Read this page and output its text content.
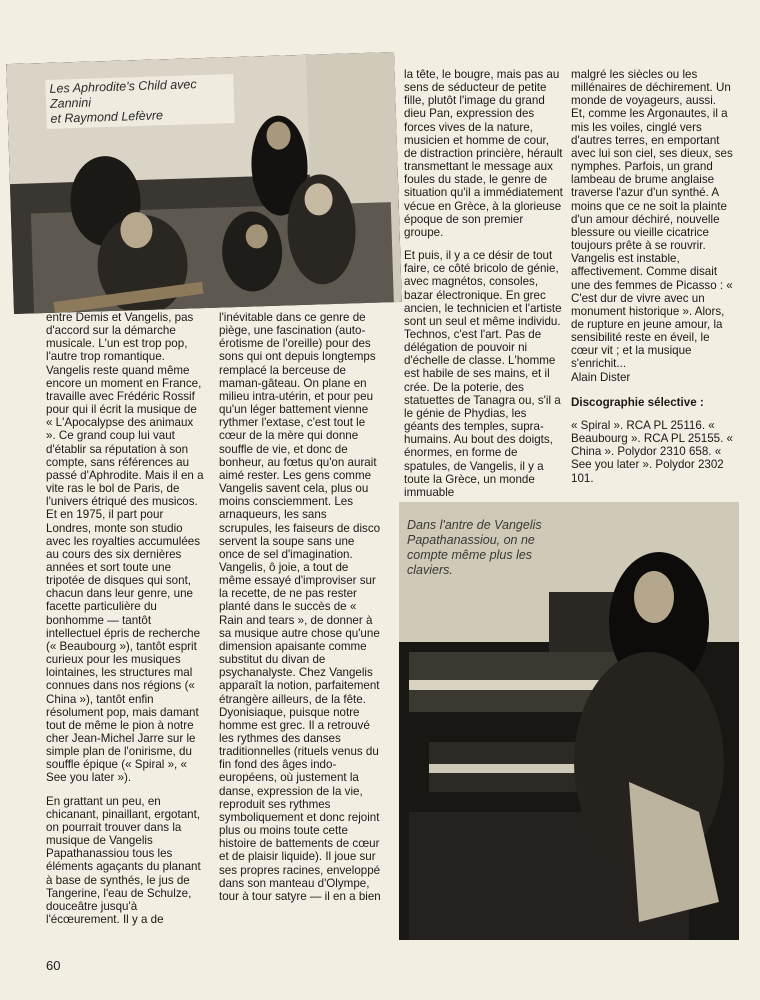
Les Aphrodite's Child avec
Zannini
et Raymond Lefèvre

entre Demis et Vangelis, pas d'accord sur la démarche musicale. L'un est trop pop, l'autre trop romantique. Vangelis reste quand même encore un moment en France, travaille avec Frédéric Rossif pour qui il écrit la musique de « L'Apocalypse des animaux ». Ce grand coup lui vaut d'établir sa réputation à son compte, sans références au passé d'Aphrodite. Mais il en a vite ras le bol de Paris, de l'univers étriqué des musicos. Et en 1975, il part pour Londres, monte son studio avec les royalties accumulées au cours des six dernières années et sort toute une tripotée de disques qui sont, chacun dans leur genre, une facette particulière du bonhomme — tantôt intellectuel épris de recherche (« Beaubourg »), tantôt esprit curieux pour les musiques lointaines, les structures mal connues dans nos régions (« China »), tantôt enfin résolument pop, mais damant tout de même le pion à notre cher Jean-Michel Jarre sur le simple plan de l'onirisme, du souffle épique (« Spiral », « See you later »).

En grattant un peu, en chicanant, pinaillant, ergotant, on pourrait trouver dans la musique de Vangelis Papathanassiou tous les éléments agaçants du planant à base de synthés, le jus de Tangerine, l'eau de Schulze, douceâtre jusqu'à l'écœurement. Il y a de

l'inévitable dans ce genre de piège, une fascination (auto-érotisme de l'oreille) pour des sons qui ont depuis longtemps remplacé la berceuse de maman-gâteau. On plane en milieu intra-utérin, et pour peu qu'un léger battement vienne rythmer l'extase, c'est tout le cœur de la mère qui donne souffle de vie, et donc de bonheur, au fœtus qu'on aurait aimé rester. Les gens comme Vangelis savent cela, plus ou moins consciemment. Les arnaqueurs, les sans scrupules, les faiseurs de disco servent la soupe sans une once de sel d'imagination. Vangelis, ô joie, a tout de même essayé d'improviser sur la recette, de ne pas rester planté dans le succès de « Rain and tears », de donner à sa musique autre chose qu'une dimension apaisante comme substitut du divan de psychanalyste. Chez Vangelis apparaît la notion, parfaitement étrangère ailleurs, de la fête. Dyonisiaque, puisque notre homme est grec. Il a retrouvé les rythmes des danses traditionnelles (rituels venus du fin fond des âges indo-européens, où justement la danse, expression de la vie, reproduit ses rythmes symboliquement et donc rejoint plus ou moins toute cette histoire de battements de cœur et de plaisir liquide). Il joue sur ses propres racines, enveloppé dans son manteau d'Olympe, tour à tour satyre — il en a bien

la tête, le bougre, mais pas au sens de séducteur de petite fille, plutôt l'image du grand dieu Pan, expression des forces vives de la nature, musicien et homme de cour, de distraction princière, hérault transmettant le message aux foules du stade, le genre de situation qu'il a immédiatement vécue en Grèce, à la glorieuse époque de son premier groupe.

Et puis, il y a ce désir de tout faire, ce côté bricolo de génie, avec magnétos, consoles, bazar électronique. En grec ancien, le technicien et l'artiste sont un seul et même individu. Technos, c'est l'art. Pas de délégation de pouvoir ni d'échelle de classe. L'homme est habile de ses mains, et il crée. De la poterie, des statuettes de Tanagra ou, s'il a le génie de Phydias, les géants des temples, supra-humains. Au bout des doigts, énormes, en forme de spatules, de Vangelis, il y a toute la Grèce, un monde immuable

malgré les siècles ou les millénaires de déchirement. Un monde de voyageurs, aussi. Et, comme les Argonautes, il a mis les voiles, cinglé vers d'autres terres, en emportant avec lui son ciel, ses dieux, ses nymphes. Parfois, un grand lambeau de brume anglaise traverse l'azur d'un synthé. A moins que ce ne soit la plainte d'un amour déchiré, nouvelle blessure ou vieille cicatrice toujours prête à se rouvrir. Vangelis est instable, affectivement. Comme disait une des femmes de Picasso : « C'est dur de vivre avec un monument historique ». Alors, de rupture en jeune amour, la sensibilité reste en éveil, le cœur vit ; et la musique s'enrichit...

Alain Dister

Discographie sélective :

« Spiral ». RCA PL 25116. « Beaubourg ». RCA PL 25155. « China ». Polydor 2310 658. « See you later ». Polydor 2302 101.

Dans l'antre de Vangelis
Papathanassiou, on ne
compte même plus les
claviers.
60
